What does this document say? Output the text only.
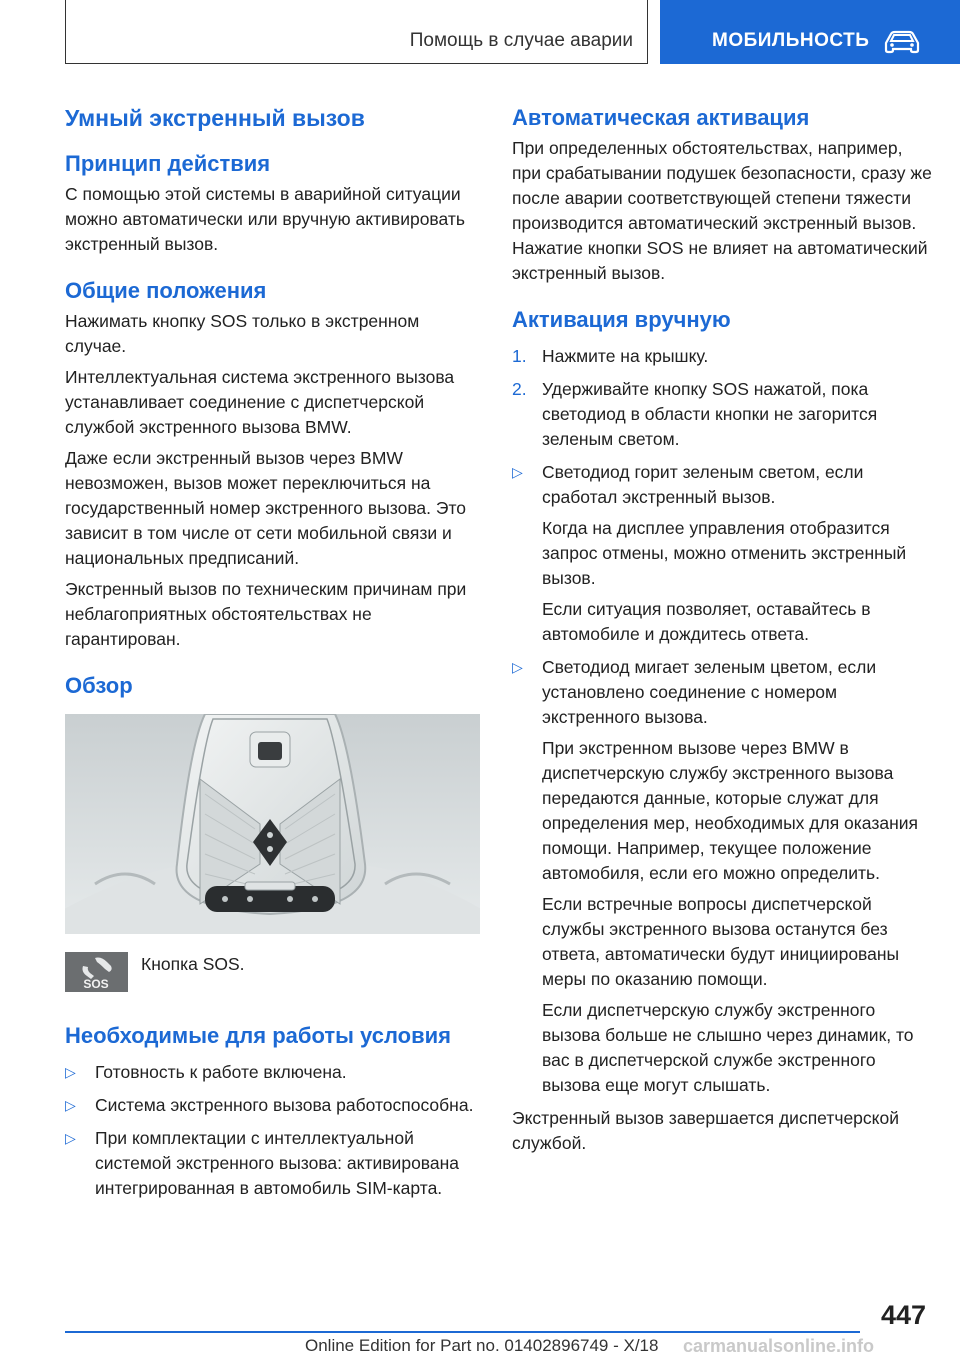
Помощь в случае аварии	МОБИЛЬНОСТЬ
Умный экстренный вызов
Принцип действия

С помощью этой системы в аварийной ситуации можно автоматически или вручную активировать экстренный вызов.

Общие положения

Нажимать кнопку SOS только в экстренном случае.

Интеллектуальная система экстренного вызова устанавливает соединение с диспетчерской службой экстренного вызова BMW.

Даже если экстренный вызов через BMW невозможен, вызов может переключиться на государственный номер экстренного вызова. Это зависит в том числе от сети мобильной связи и национальных предписаний.

Экстренный вызов по техническим причинам при неблагоприятных обстоятельствах не гарантирован.

Обзор
SOS
Кнопка SOS.
Необходимые для работы условия
▷ Готовность к работе включена.
▷ Система экстренного вызова работоспособна.
▷ При комплектации с интеллектуальной системой экстренного вызова: активирована интегрированная в автомобиль SIM-карта.
Автоматическая активация

При определенных обстоятельствах, например, при срабатывании подушек безопасности, сразу же после аварии соответствующей степени тяжести производится автоматический экстренный вызов. Нажатие кнопки SOS не влияет на автоматический экстренный вызов.

Активация вручную
1. Нажмите на крышку.
2. Удерживайте кнопку SOS нажатой, пока светодиод в области кнопки не загорится зеленым светом.
▷ Светодиод горит зеленым светом, если сработал экстренный вызов.

Когда на дисплее управления отобразится запрос отмены, можно отменить экстренный вызов.

Если ситуация позволяет, оставайтесь в автомобиле и дождитесь ответа.

▷ Светодиод мигает зеленым цветом, если установлено соединение с номером экстренного вызова.

При экстренном вызове через BMW в диспетчерскую службу экстренного вызова передаются данные, которые служат для определения мер, необходимых для оказания помощи. Например, текущее положение автомобиля, если его можно определить.

Если встречные вопросы диспетчерской службы экстренного вызова останутся без ответа, автоматически будут инициированы меры по оказанию помощи.

Если диспетчерскую службу экстренного вызова больше не слышно через динамик, то вас в диспетчерской службе экстренного вызова еще могут слышать.

Экстренный вызов завершается диспетчерской службой.

447
Online Edition for Part no. 01402896749 - X/18 carmanualsonline.info
